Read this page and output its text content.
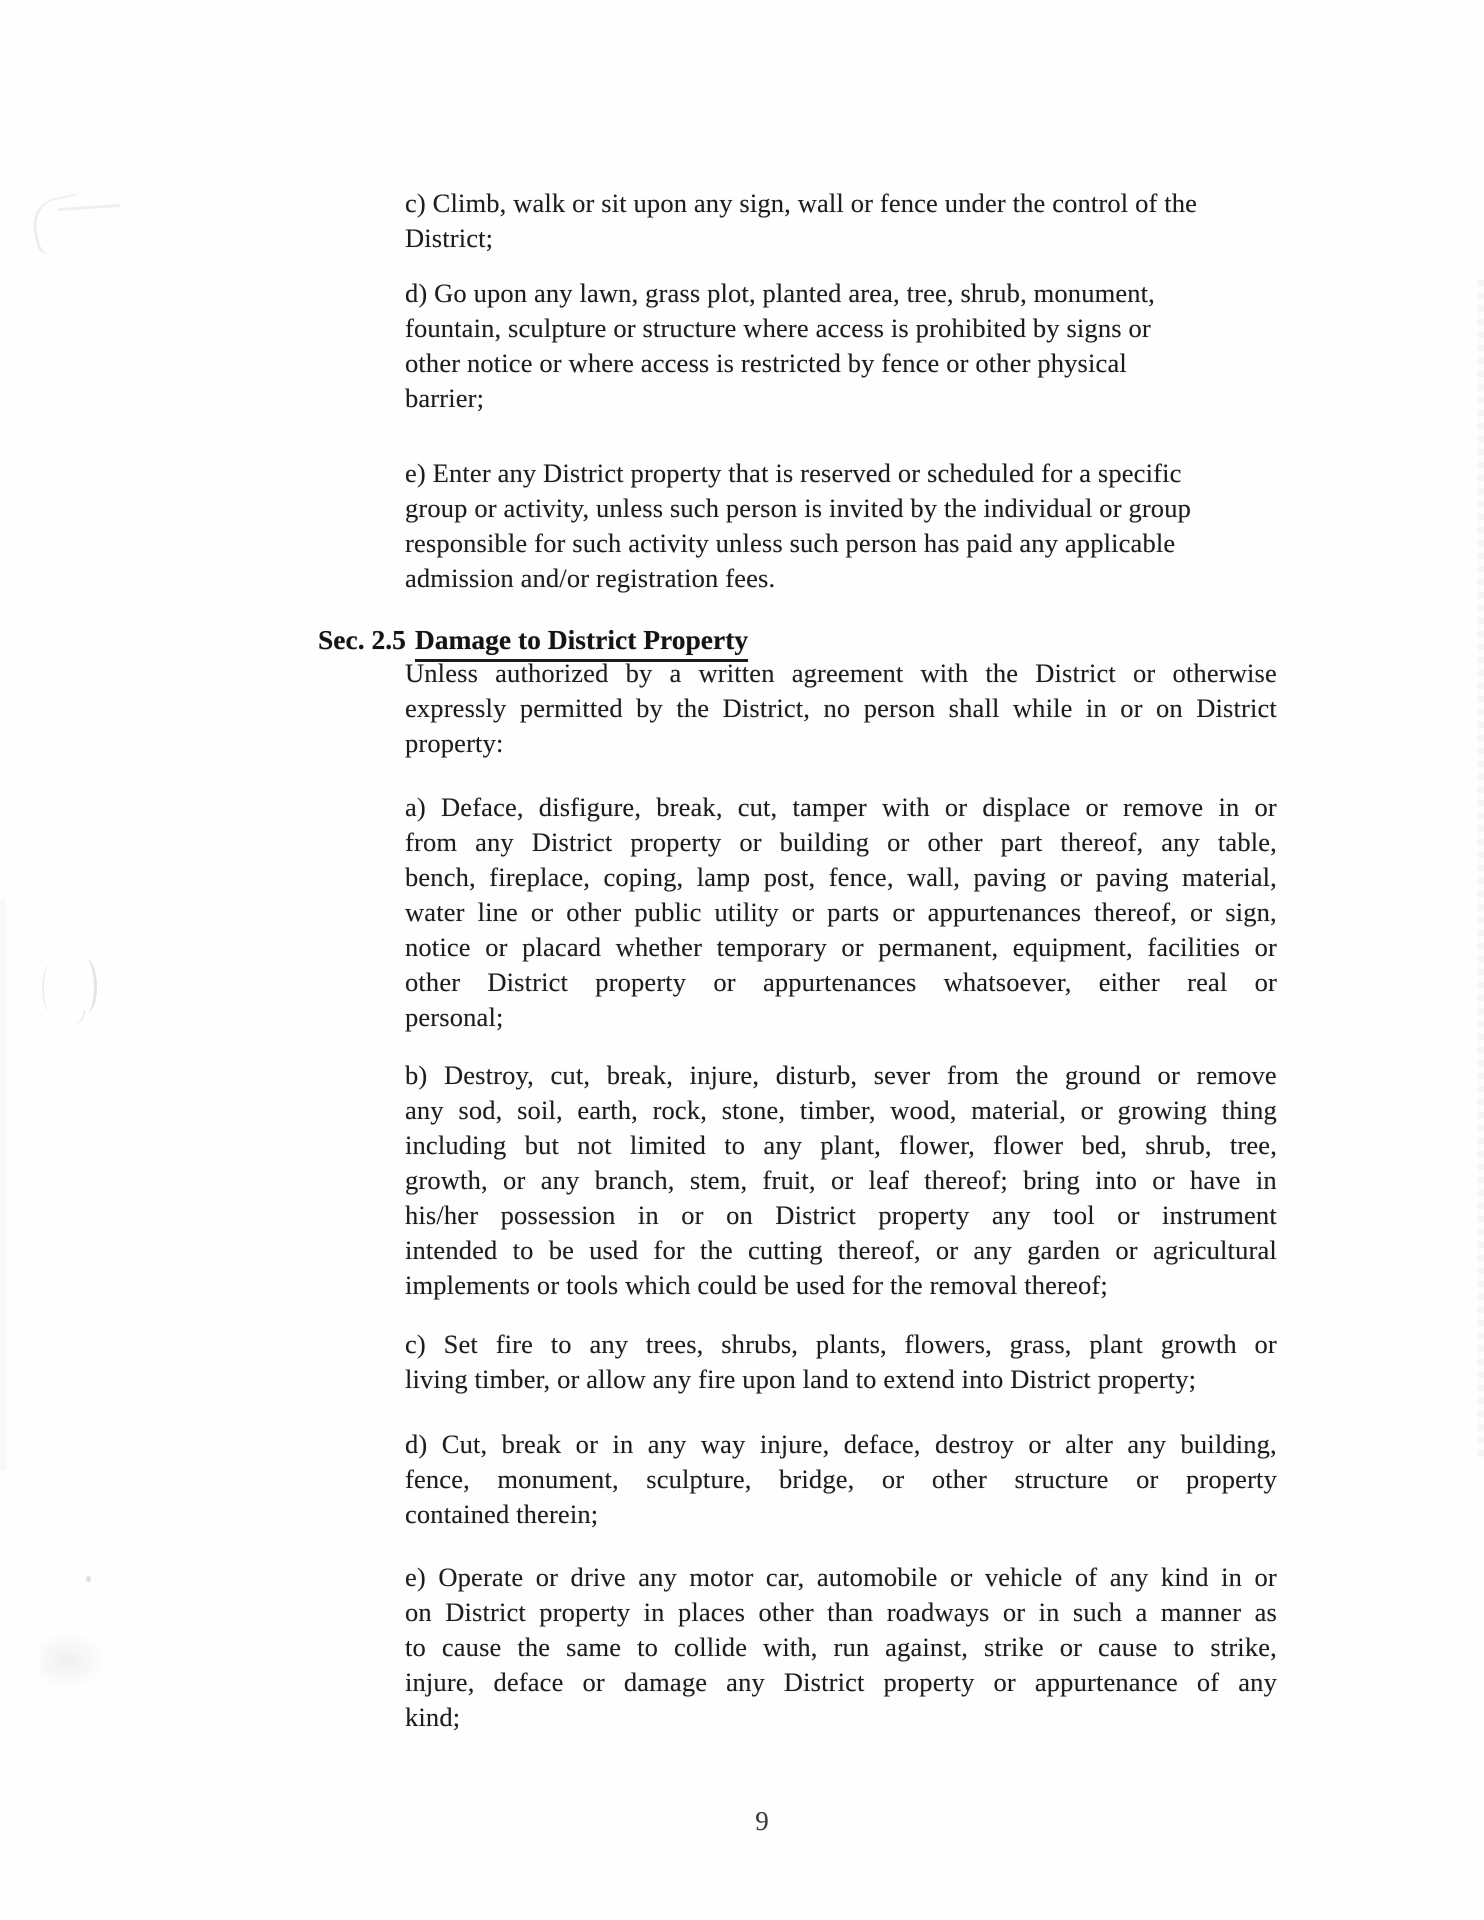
c) Climb, walk or sit upon any sign, wall or fence under the control of the
District;
d) Go upon any lawn, grass plot, planted area, tree, shrub, monument,
fountain, sculpture or structure where access is prohibited by signs or
other notice or where access is restricted by fence or other physical
barrier;
e) Enter any District property that is reserved or scheduled for a specific
group or activity, unless such person is invited by the individual or group
responsible for such activity unless such person has paid any applicable
admission and/or registration fees.
Sec. 2.5 Damage to District Property
Unless authorized by a written agreement with the District or otherwise
expressly permitted by the District, no person shall while in or on District
property:
a) Deface, disfigure, break, cut, tamper with or displace or remove in or
from any District property or building or other part thereof, any table,
bench, fireplace, coping, lamp post, fence, wall, paving or paving material,
water line or other public utility or parts or appurtenances thereof, or sign,
notice or placard whether temporary or permanent, equipment, facilities or
other District property or appurtenances whatsoever, either real or
personal;
b) Destroy, cut, break, injure, disturb, sever from the ground or remove
any sod, soil, earth, rock, stone, timber, wood, material, or growing thing
including but not limited to any plant, flower, flower bed, shrub, tree,
growth, or any branch, stem, fruit, or leaf thereof; bring into or have in
his/her possession in or on District property any tool or instrument
intended to be used for the cutting thereof, or any garden or agricultural
implements or tools which could be used for the removal thereof;
c) Set fire to any trees, shrubs, plants, flowers, grass, plant growth or
living timber, or allow any fire upon land to extend into District property;
d) Cut, break or in any way injure, deface, destroy or alter any building,
fence, monument, sculpture, bridge, or other structure or property
contained therein;
e) Operate or drive any motor car, automobile or vehicle of any kind in or
on District property in places other than roadways or in such a manner as
to cause the same to collide with, run against, strike or cause to strike,
injure, deface or damage any District property or appurtenance of any
kind;
9
